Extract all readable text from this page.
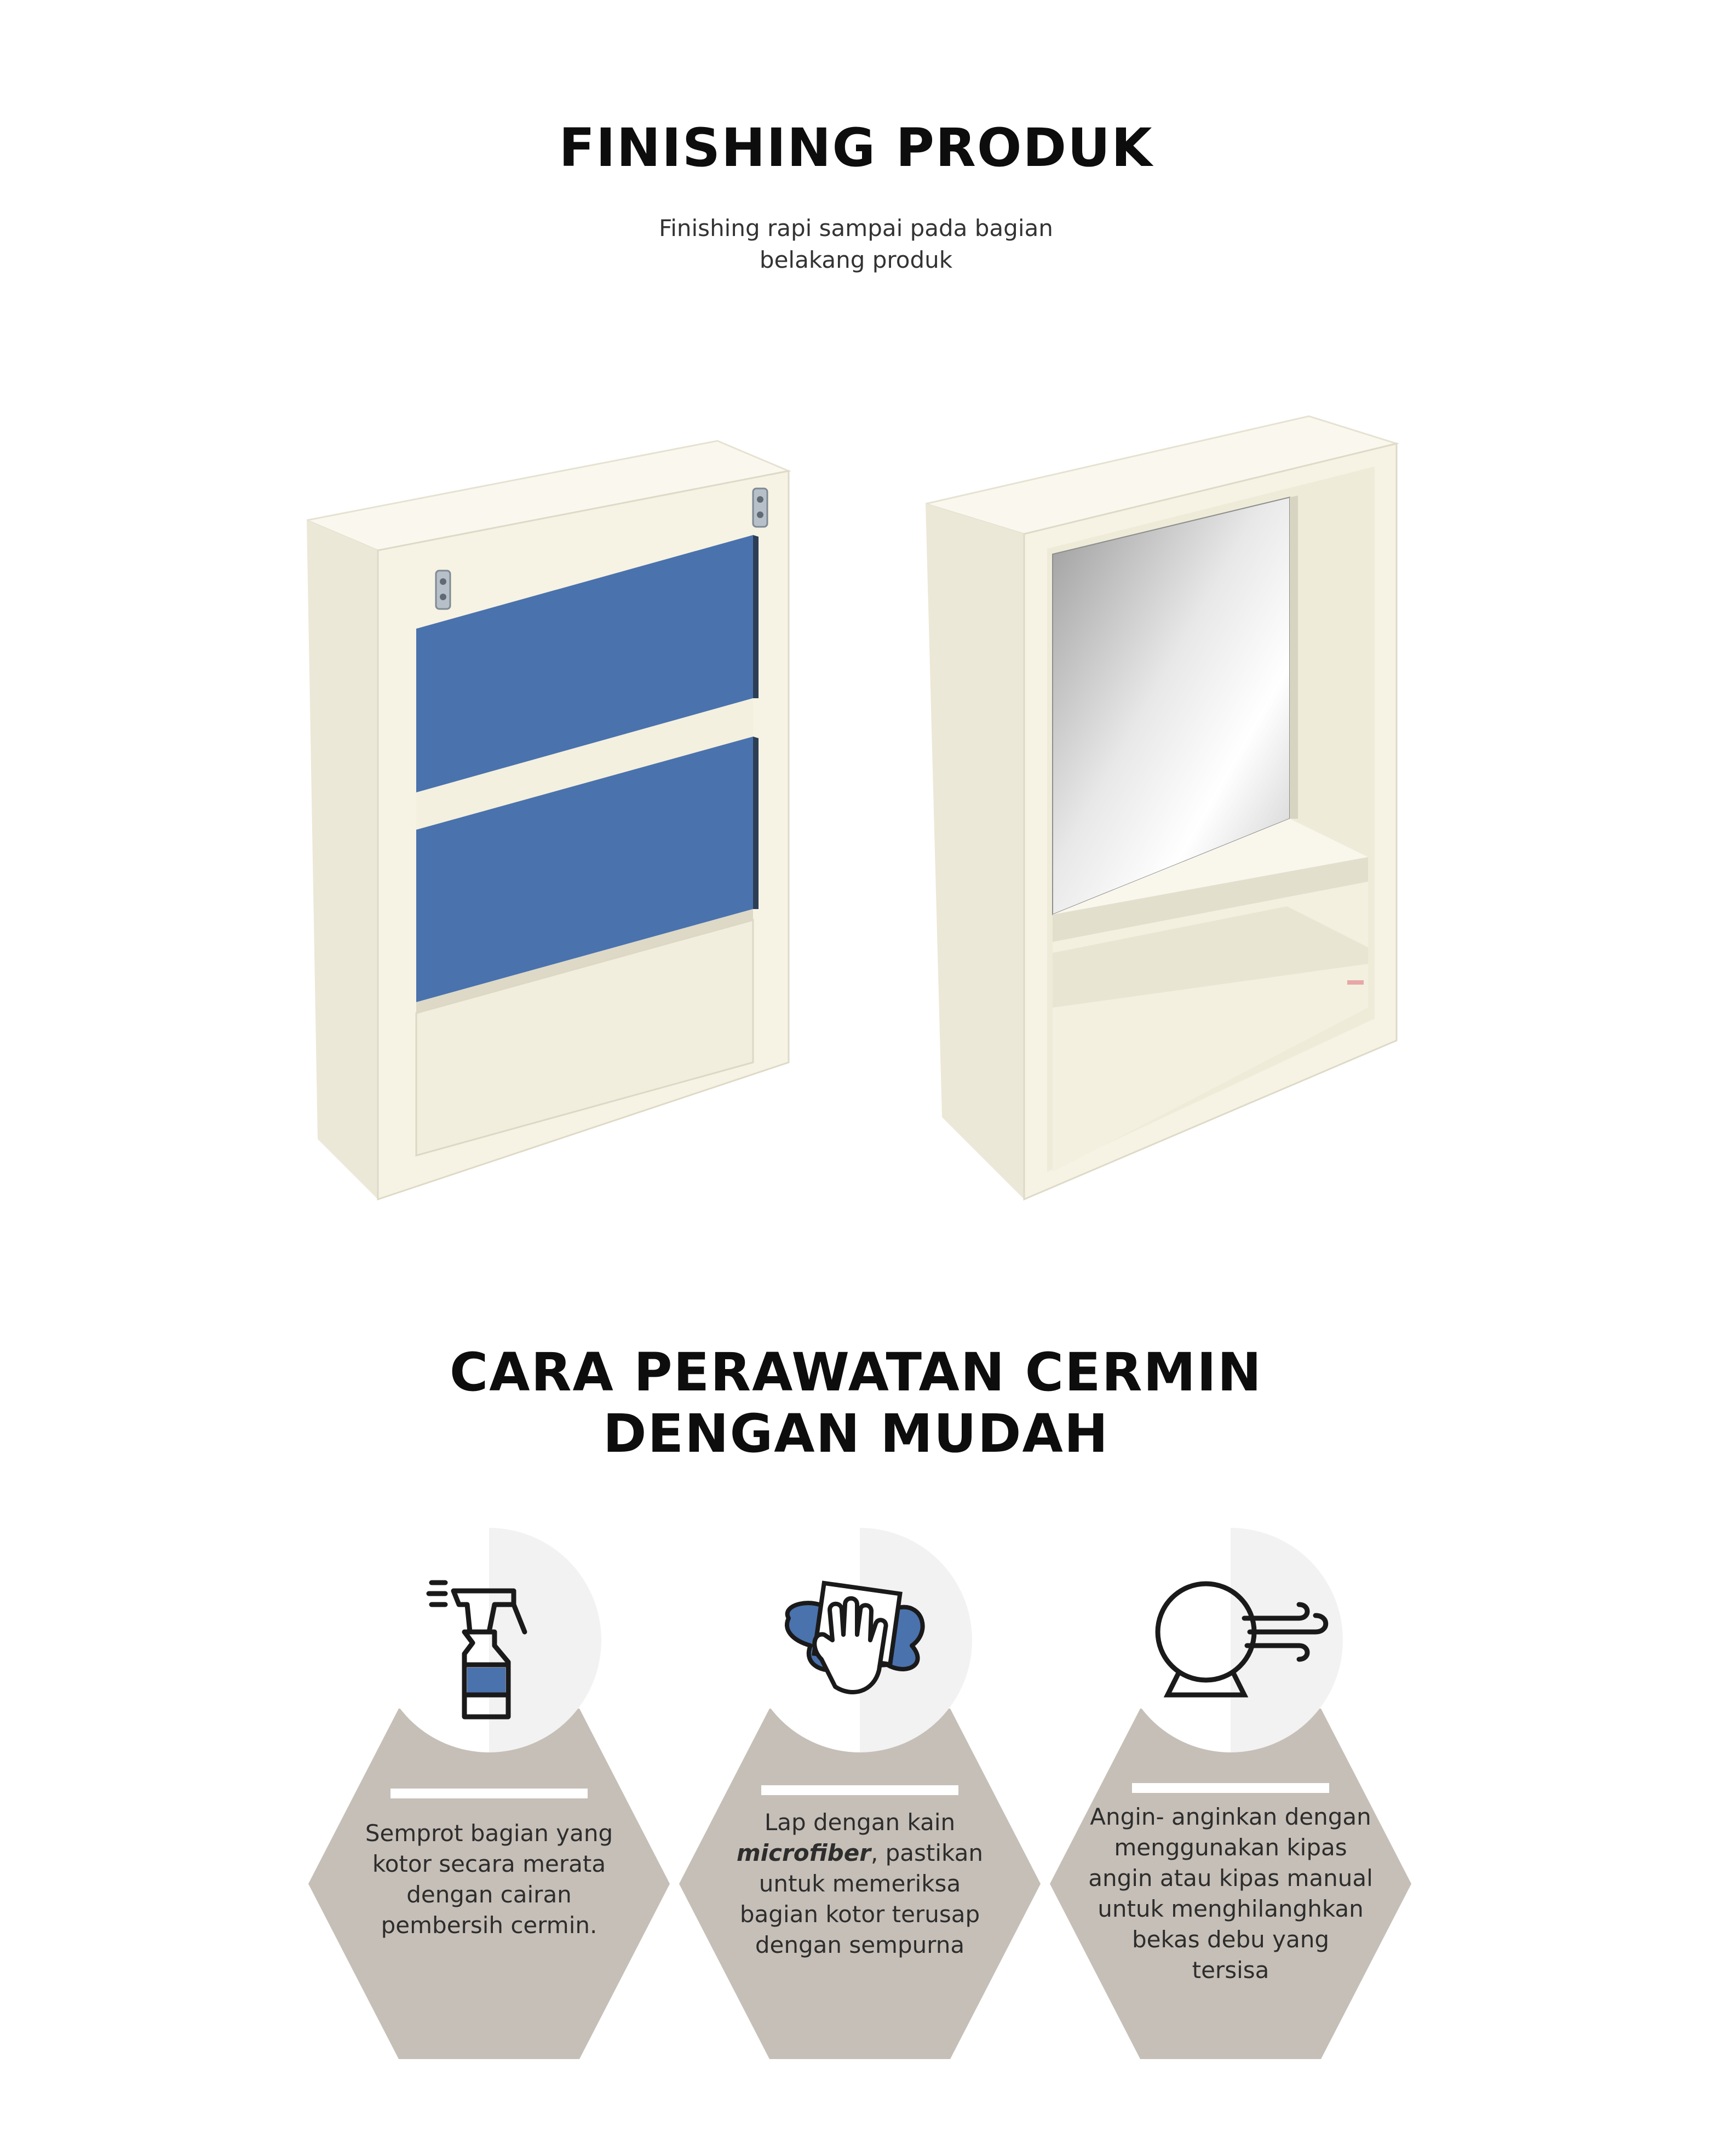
FINISHING PRODUK

Finishing rapi sampai pada bagian
belakang produk

CARA PERAWATAN CERMIN
DENGAN MUDAH

Semprot bagian yang
kotor secara merata
dengan cairan
pembersih cermin.

Lap dengan kain
microfiber, pastikan
untuk memeriksa
bagian kotor terusap
dengan sempurna

Angin- anginkan dengan
menggunakan kipas
angin atau kipas manual
untuk menghilanghkan
bekas debu yang
tersisa
